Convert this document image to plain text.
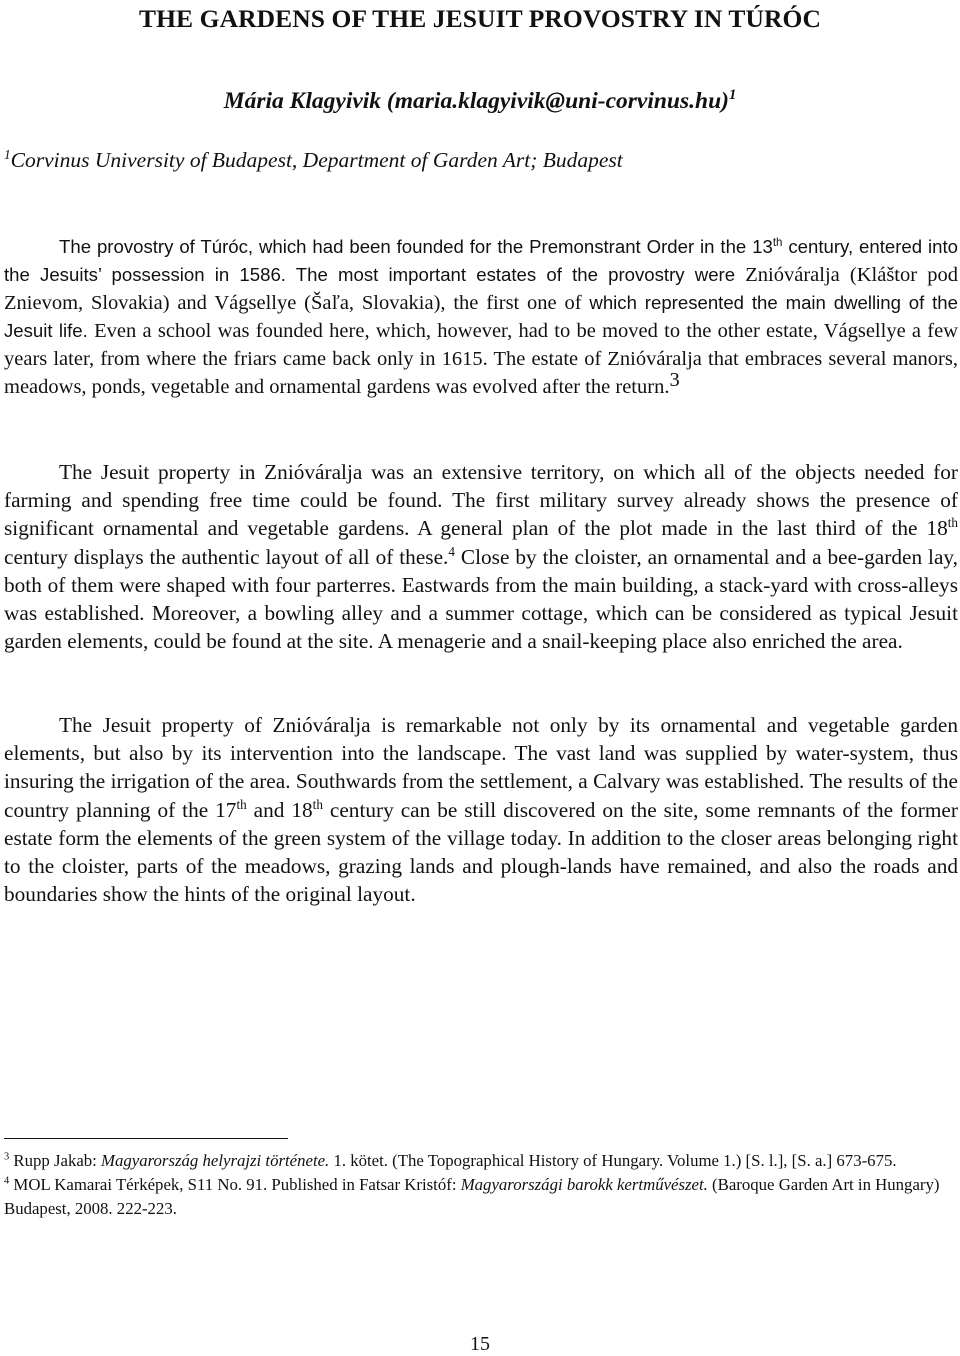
THE GARDENS OF THE JESUIT PROVOSTRY IN TÚRÓC

Mária Klagyivik (maria.klagyivik@uni-corvinus.hu)$^1$

$^1$Corvinus University of Budapest, Department of Garden Art; Budapest

The provostry of Túróc, which had been founded for the Premonstrant Order in the 13th century, entered into the Jesuits’ possession in 1586. The most important estates of the provostry were Znióváralja (Kláštor pod Znievom, Slovakia) and Vágsellye (Šaľa, Slovakia), the first one of which represented the main dwelling of the Jesuit life. Even a school was founded here, which, however, had to be moved to the other estate, Vágsellye a few years later, from where the friars came back only in 1615. The estate of Znióváralja that embraces several manors, meadows, ponds, vegetable and ornamental gardens was evolved after the return.$^3$

The Jesuit property in Znióváralja was an extensive territory, on which all of the objects needed for farming and spending free time could be found. The first military survey already shows the presence of significant ornamental and vegetable gardens. A general plan of the plot made in the last third of the 18th century displays the authentic layout of all of these.$^4$ Close by the cloister, an ornamental and a bee-garden lay, both of them were shaped with four parterres. Eastwards from the main building, a stack-yard with cross-alleys was established. Moreover, a bowling alley and a summer cottage, which can be considered as typical Jesuit garden elements, could be found at the site. A menagerie and a snail-keeping place also enriched the area.

The Jesuit property of Znióváralja is remarkable not only by its ornamental and vegetable garden elements, but also by its intervention into the landscape. The vast land was supplied by water-system, thus insuring the irrigation of the area. Southwards from the settlement, a Calvary was established. The results of the country planning of the 17th and 18th century can be still discovered on the site, some remnants of the former estate form the elements of the green system of the village today. In addition to the closer areas belonging right to the cloister, parts of the meadows, grazing lands and plough-lands have remained, and also the roads and boundaries show the hints of the original layout.

$^3$ Rupp Jakab: Magyarország helyrajzi története. 1. kötet. (The Topographical History of Hungary. Volume 1.) [S. l.], [S. a.] 673-675.

$^4$ MOL Kamarai Térképek, S11 No. 91. Published in Fatsar Kristóf: Magyarországi barokk kertművészet. (Baroque Garden Art in Hungary) Budapest, 2008. 222-223.

15
